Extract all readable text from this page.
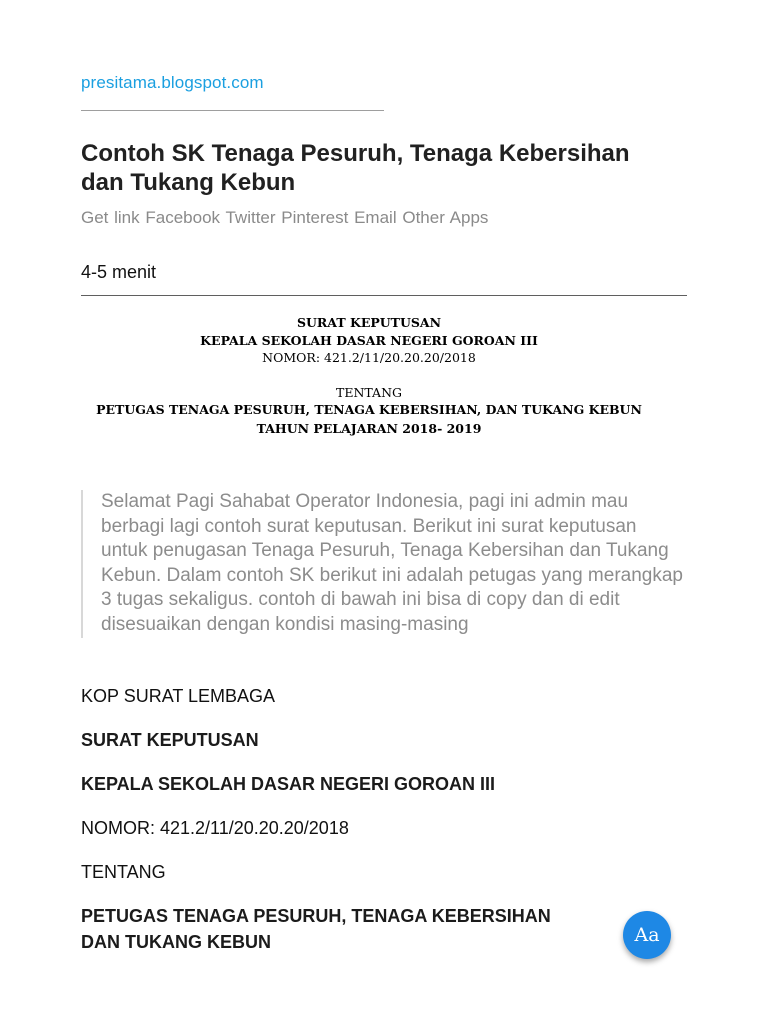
presitama.blogspot.com
Contoh SK Tenaga Pesuruh, Tenaga Kebersihan dan Tukang Kebun
Get link Facebook Twitter Pinterest Email Other Apps
4-5 menit
SURAT KEPUTUSAN
KEPALA SEKOLAH DASAR NEGERI GOROAN III
NOMOR: 421.2/11/20.20.20/2018
TENTANG
PETUGAS TENAGA PESURUH, TENAGA KEBERSIHAN, DAN TUKANG KEBUN
TAHUN PELAJARAN 2018- 2019

Selamat Pagi Sahabat Operator Indonesia, pagi ini admin mau berbagi lagi contoh surat keputusan. Berikut ini surat keputusan untuk penugasan Tenaga Pesuruh, Tenaga Kebersihan dan Tukang Kebun. Dalam contoh SK berikut ini adalah petugas yang merangkap 3 tugas sekaligus. contoh di bawah ini bisa di copy dan di edit disesuaikan dengan kondisi masing-masing

KOP SURAT LEMBAGA
SURAT KEPUTUSAN
KEPALA SEKOLAH DASAR NEGERI GOROAN III
NOMOR: 421.2/11/20.20.20/2018
TENTANG
PETUGAS TENAGA PESURUH, TENAGA KEBERSIHAN
DAN TUKANG KEBUN	Aa
